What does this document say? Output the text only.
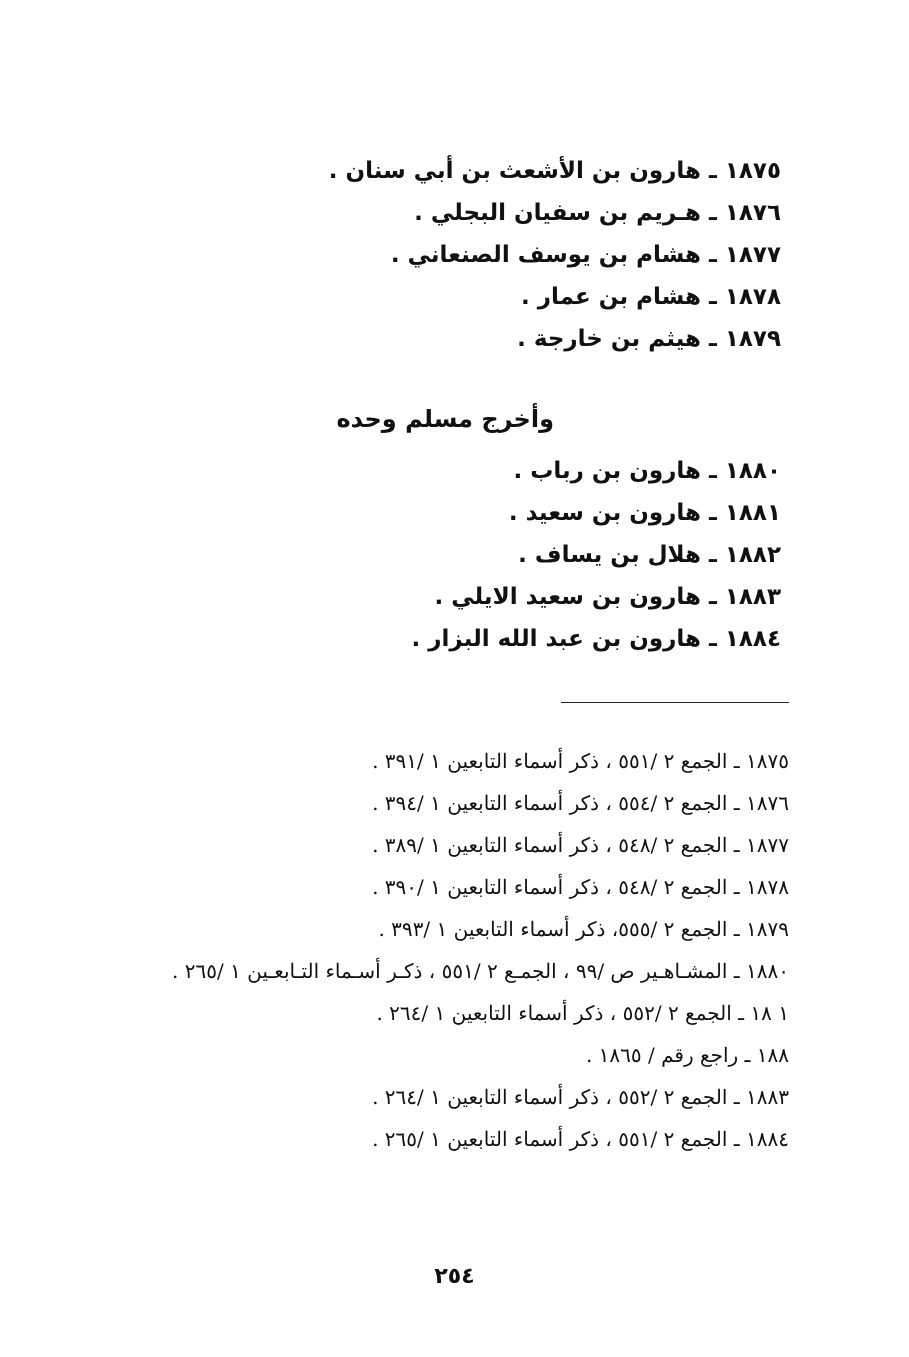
١٨٧٥ ـ هارون بن الأشعث بن أبي سنان .
١٨٧٦ ـ هـريم بن سفيان البجلي .
١٨٧٧ ـ هشام بن يوسف الصنعاني .
١٨٧٨ ـ هشام بن عمار .
١٨٧٩ ـ هيثم بن خارجة .
وأخرج مسلم وحده
١٨٨٠ ـ هارون بن رباب .
١٨٨١ ـ هارون بن سعيد .
١٨٨٢ ـ هلال بن يساف .
١٨٨٣ ـ هارون بن سعيد الايلي .
١٨٨٤ ـ هارون بن عبد الله البزار .
١٨٧٥ ـ الجمع ٢ /٥٥١ ، ذكر أسماء التابعين ١ /٣٩١ .
١٨٧٦ ـ الجمع ٢ /٥٥٤ ، ذكر أسماء التابعين ١ /٣٩٤ .
١٨٧٧ ـ الجمع ٢ /٥٤٨ ، ذكر أسماء التابعين ١ /٣٨٩ .
١٨٧٨ ـ الجمع ٢ /٥٤٨ ، ذكر أسماء التابعين ١ /٣٩٠ .
١٨٧٩ ـ الجمع ٢ /٥٥٥، ذكر أسماء التابعين ١ /٣٩٣ .
١٨٨٠ ـ المشـاهـير ص /٩٩ ، الجمـع ٢ /٥٥١ ، ذكـر أسـماء التـابعـين ١ /٢٦٥ .
١ ١٨ ـ الجمع ٢ /٥٥٢ ، ذكر أسماء التابعين ١ /٢٦٤ .
١٨٨ ـ راجع رقم / ١٨٦٥ .
١٨٨٣ ـ الجمع ٢ /٥٥٢ ، ذكر أسماء التابعين ١ /٢٦٤ .
١٨٨٤ ـ الجمع ٢ /٥٥١ ، ذكر أسماء التابعين ١ /٢٦٥ .
٢٥٤
